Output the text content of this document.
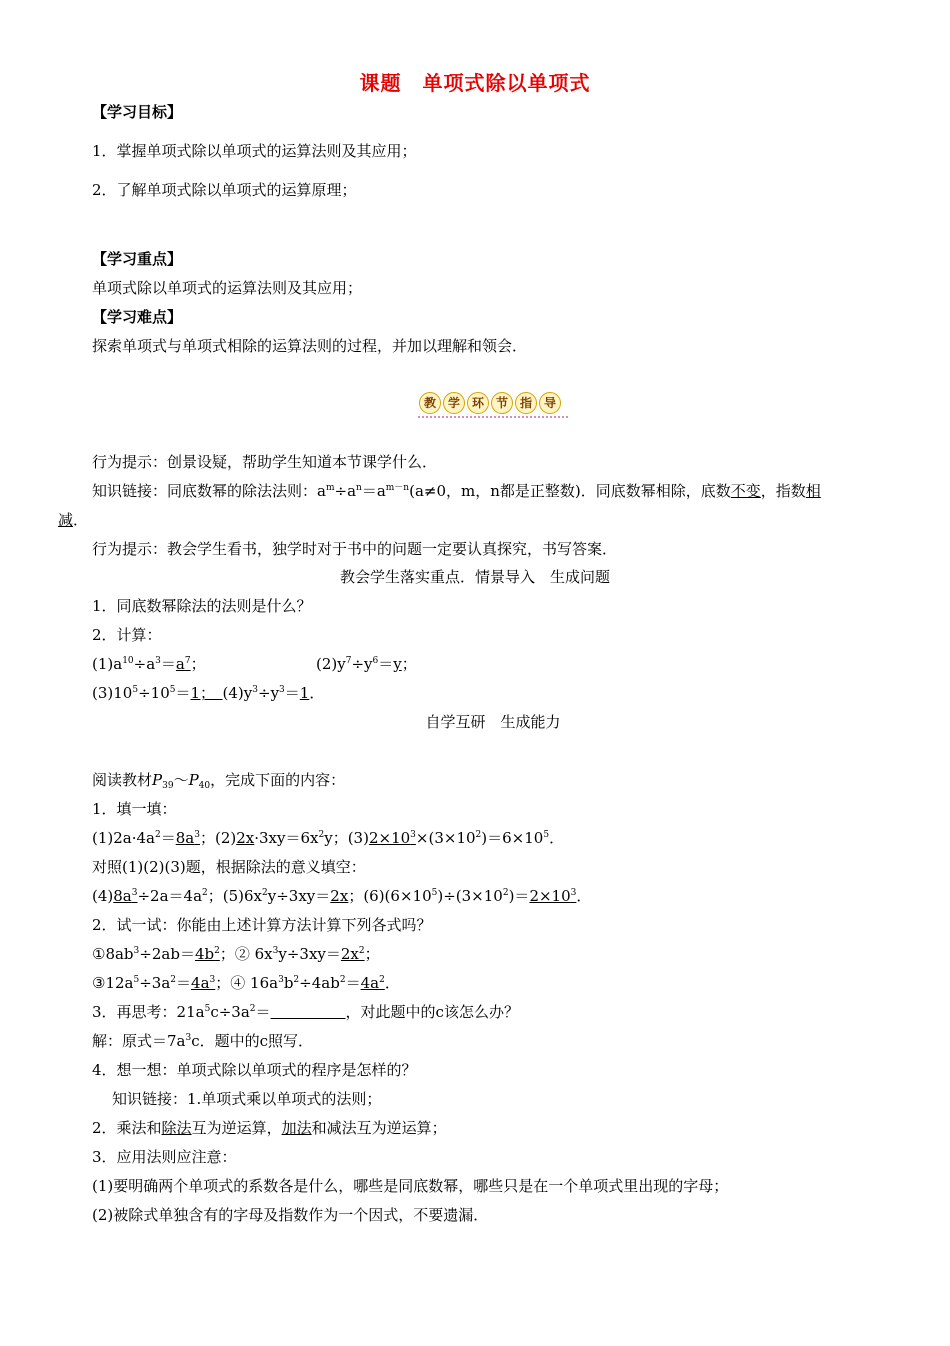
课题　单项式除以单项式
【学习目标】
1．掌握单项式除以单项式的运算法则及其应用；
2．了解单项式除以单项式的运算原理；
【学习重点】
单项式除以单项式的运算法则及其应用；
【学习难点】
探索单项式与单项式相除的运算法则的过程，并加以理解和领会．
教 学 环 节 指 导
行为提示：创景设疑，帮助学生知道本节课学什么．
知识链接：同底数幂的除法法则：$a^m\div a^n=a^{m-n}(a\ne 0$，m，n都是正整数)．同底数幂相除，底数不变，指数相
减．
行为提示：教会学生看书，独学时对于书中的问题一定要认真探究，书写答案．
教会学生落实重点．情景导入　生成问题
1．同底数幂除法的法则是什么？
2．计算：
$(1)a^{10}\div a^3=a^7$；	$(2)y^7\div y^6=y$；
$(3)10^5\div 10^5=1$；　$(4)y^3\div y^3=1$．
自学互研　生成能力
阅读教材$P_{39}\sim P_{40}$，完成下面的内容：
1．填一填：
$(1)2a\cdot 4a^2=8a^3$；$(2)2x\cdot 3xy=6x^2y$；$(3)2\times 10^3\times(3\times 10^2)=6\times 10^5$．
对照(1)(2)(3)题，根据除法的意义填空：
$(4)8a^3\div 2a=4a^2$；$(5)6x^2y\div 3xy=2x$；$(6)(6\times 10^5)\div(3\times 10^2)=2\times 10^3$．
2．试一试：你能由上述计算方法计算下列各式吗？
$①8ab^3\div 2ab=4b^2$；② $6x^3y\div 3xy=2x^2$；
$③12a^5\div 3a^2=4a^3$；④ $16a^3b^2\div 4ab^2=4a^2$．
3．再思考：$21a^5c\div 3a^2=$　　　　　	，对此题中的c该怎么办？
解：原式$=7a^3c$．题中的c照写．
4．想一想：单项式除以单项式的程序是怎样的？
知识链接：1.单项式乘以单项式的法则；
2．乘法和除法互为逆运算，加法和减法互为逆运算；
3．应用法则应注意：
(1)要明确两个单项式的系数各是什么，哪些是同底数幂，哪些只是在一个单项式里出现的字母；
(2)被除式单独含有的字母及指数作为一个因式，不要遗漏．
